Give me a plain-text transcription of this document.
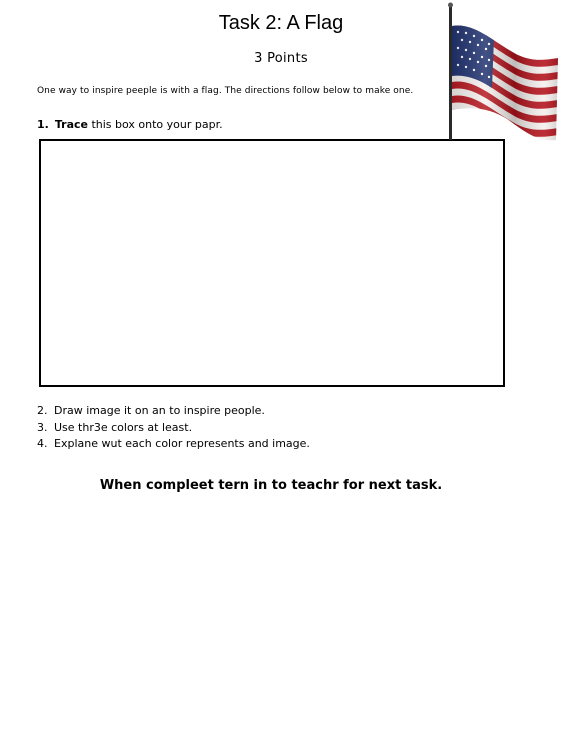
Task 2: A Flag
3 Points
One way to inspire peeple is with a flag. The directions follow below to make one.
1. Trace this box onto your papr.
2. Draw image it on an to inspire people.
3. Use thr3e colors at least.
4. Explane wut each color represents and image.
When compleet tern in to teachr for next task.
